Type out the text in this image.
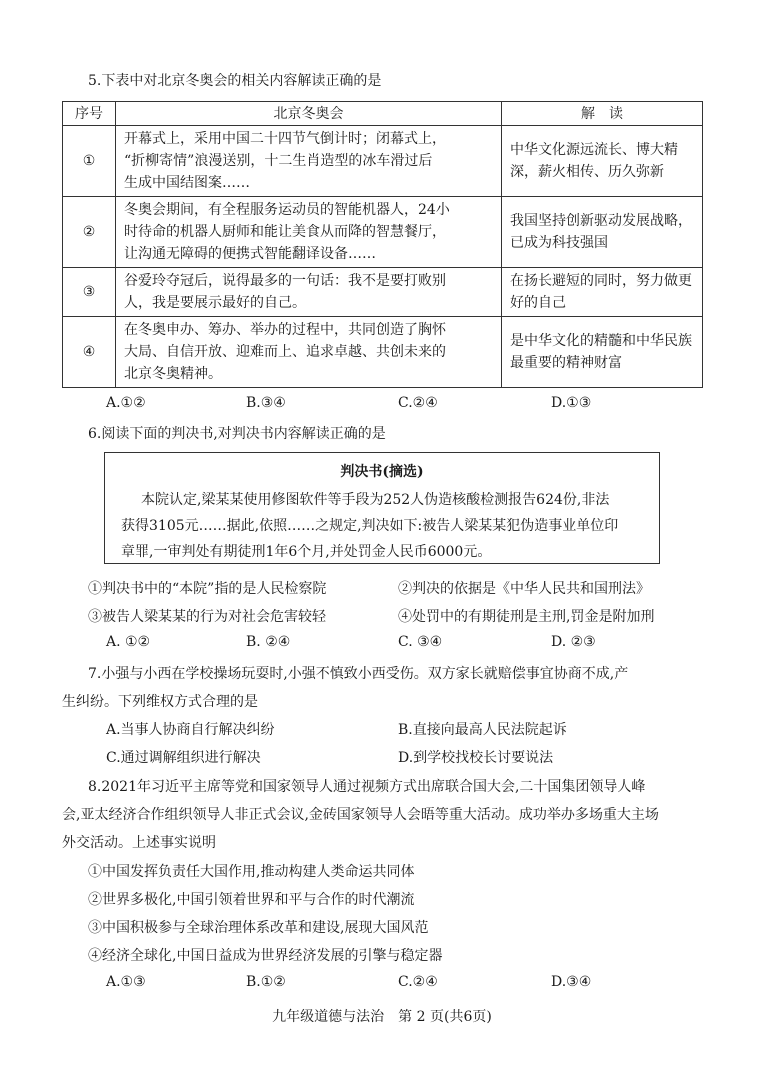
5.下表中对北京冬奥会的相关内容解读正确的是
序号	北京冬奥会	解　读
①	开幕式上，采用中国二十四节气倒计时；闭幕式上，
“折柳寄情”浪漫送别，十二生肖造型的冰车滑过后
生成中国结图案……	中华文化源远流长、博大精
深，薪火相传、历久弥新

②	冬奥会期间，有全程服务运动员的智能机器人，24小
时待命的机器人厨师和能让美食从而降的智慧餐厅，
让沟通无障碍的便携式智能翻译设备……	我国坚持创新驱动发展战略，
已成为科技强国

③	谷爱玲夺冠后，说得最多的一句话：我不是要打败别
人，我是要展示最好的自己。	在扬长避短的同时，努力做更
好的自己

④	在冬奥申办、筹办、举办的过程中，共同创造了胸怀
大局、自信开放、迎难而上、追求卓越、共创未来的
北京冬奥精神。	是中华文化的精髓和中华民族
最重要的精神财富
A.①②	B.③④	C.②④	D.①③
6.阅读下面的判决书,对判决书内容解读正确的是
判决书(摘选)
本院认定,梁某某使用修图软件等手段为252人伪造核酸检测报告624份,非法
获得3105元……据此,依照……之规定,判决如下:被告人梁某某犯伪造事业单位印
章罪,一审判处有期徒刑1年6个月,并处罚金人民币6000元。
①判决书中的“本院”指的是人民检察院	②判决的依据是《中华人民共和国刑法》
③被告人梁某某的行为对社会危害较轻	④处罚中的有期徒刑是主刑,罚金是附加刑
A. ①②	B. ②④	C. ③④	D. ②③
7.小强与小西在学校操场玩耍时,小强不慎致小西受伤。双方家长就赔偿事宜协商不成,产
生纠纷。下列维权方式合理的是
A.当事人协商自行解决纠纷	B.直接向最高人民法院起诉
C.通过调解组织进行解决	D.到学校找校长讨要说法
8.2021年习近平主席等党和国家领导人通过视频方式出席联合国大会,二十国集团领导人峰
会,亚太经济合作组织领导人非正式会议,金砖国家领导人会晤等重大活动。成功举办多场重大主场
外交活动。上述事实说明
①中国发挥负责任大国作用,推动构建人类命运共同体
②世界多极化,中国引领着世界和平与合作的时代潮流
③中国积极参与全球治理体系改革和建设,展现大国风范
④经济全球化,中国日益成为世界经济发展的引擎与稳定器
A.①③	B.①②	C.②④	D.③④
九年级道德与法治　第 2 页(共6页)
